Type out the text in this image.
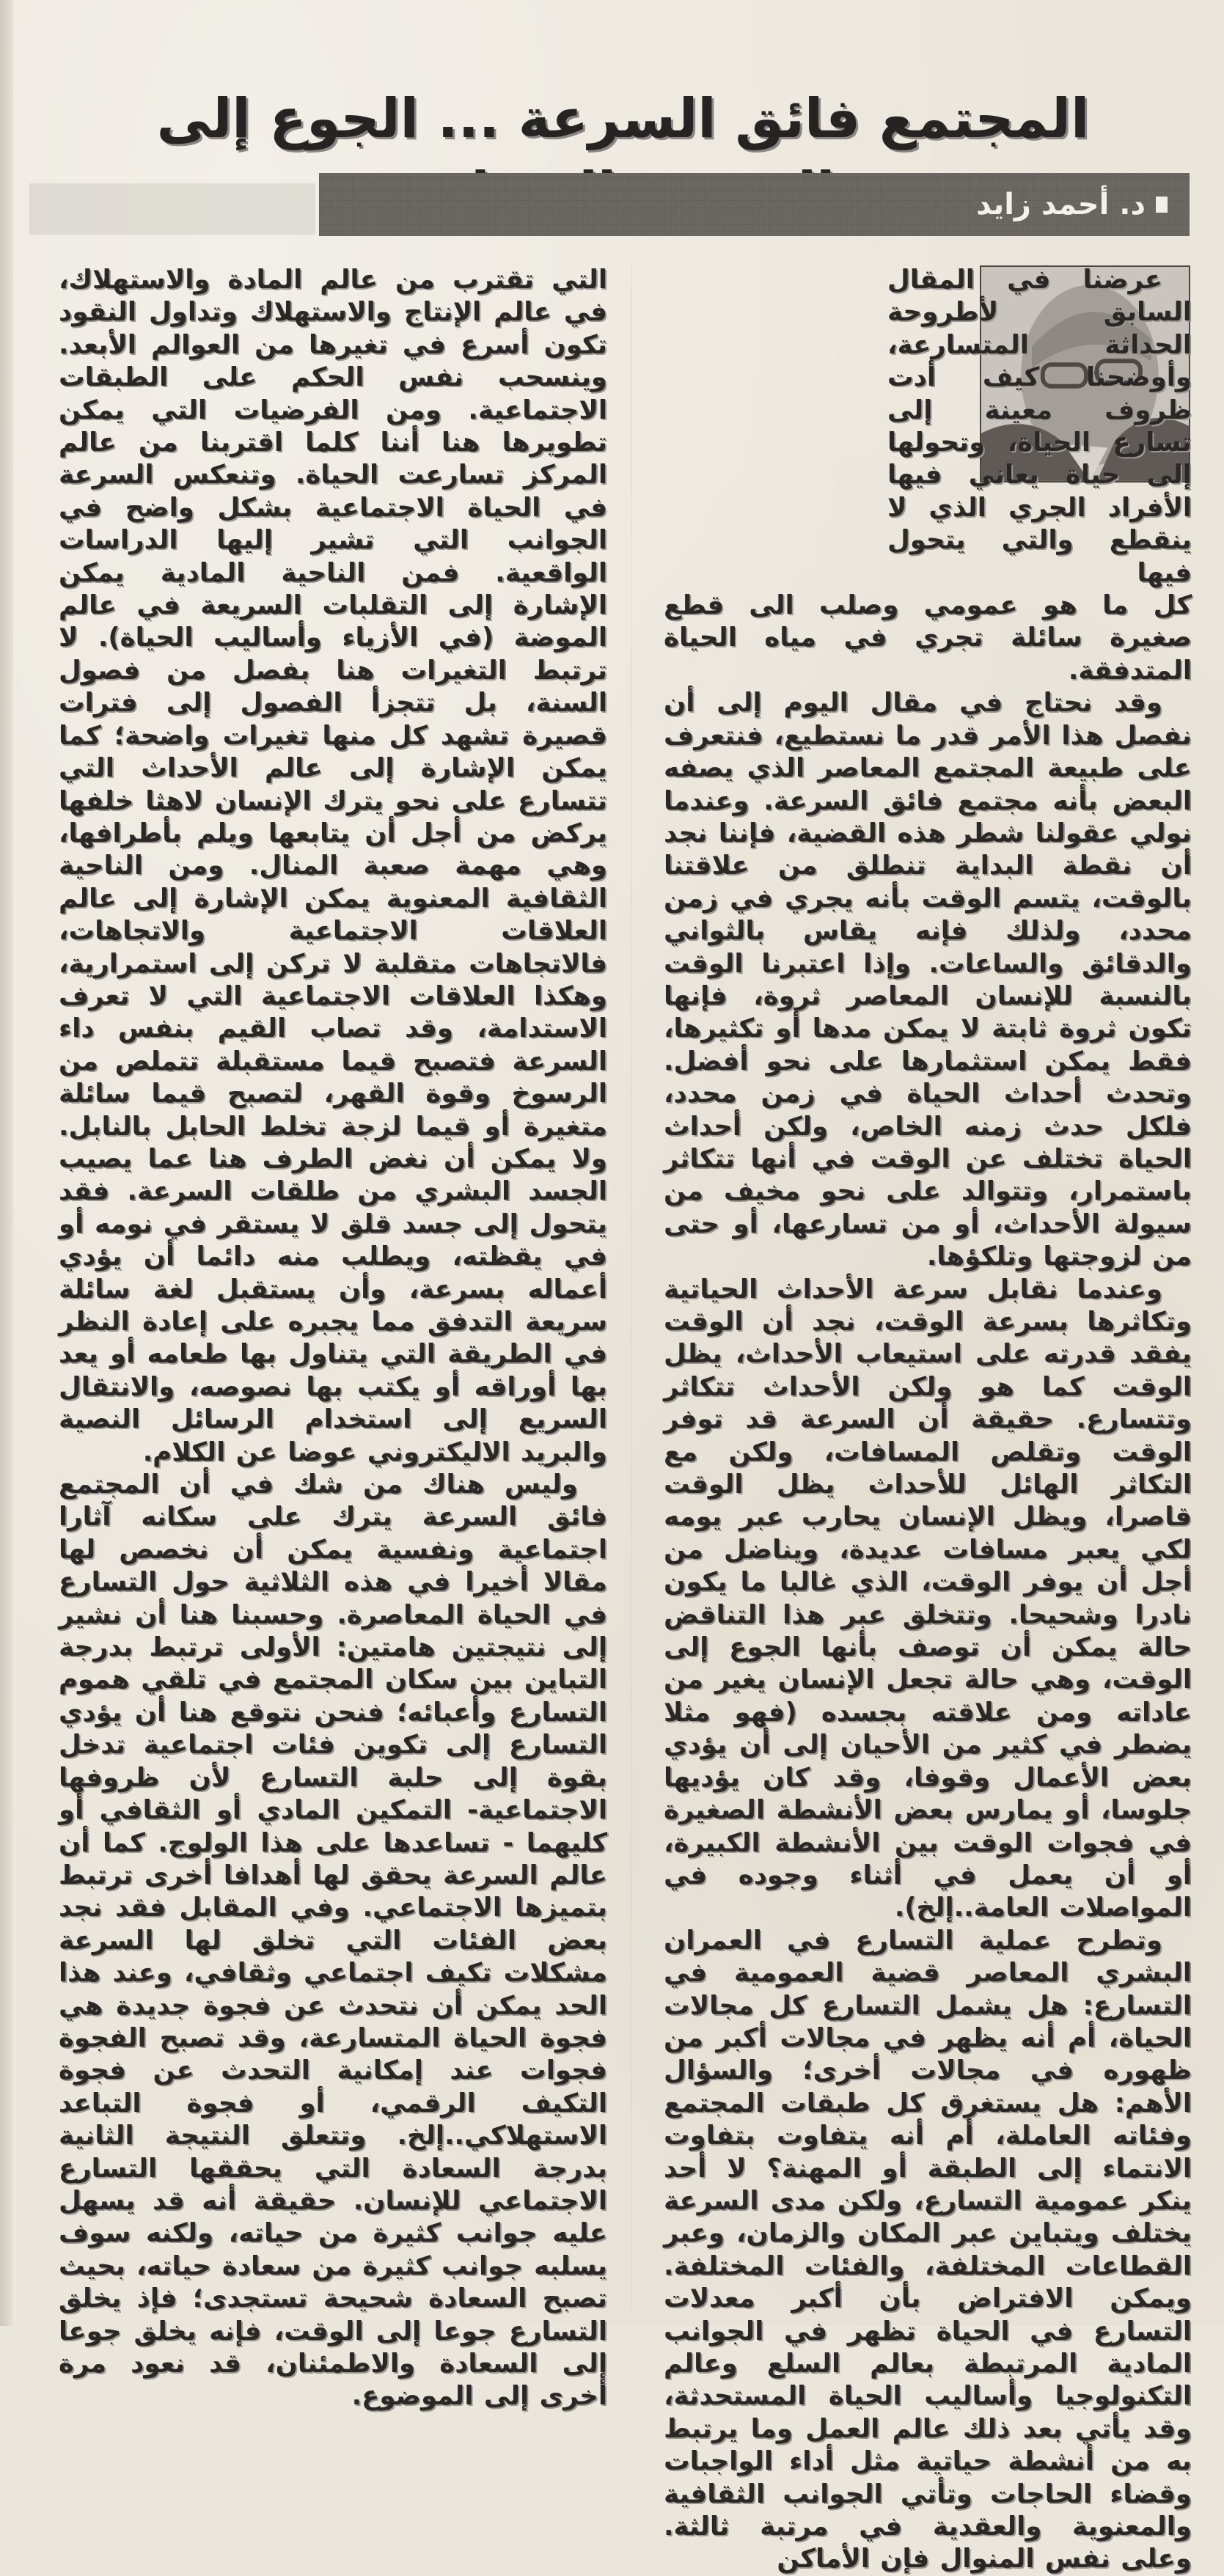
المجتمع فائق السرعة ... الجوع إلى
د. أحمد زايد

عرضنا في المقال السابق لأطروحة الحداثة المتسارعة، وأوضحنا كيف أدت ظروف معينة إلى تسارع الحياة، وتحولها إلى حياة يعاني فيها الأفراد الجري الذي لا ينقطع والتي يتحول فيها

كل ما هو عمومي وصلب الى قطع صغيرة سائلة تجري في مياه الحياة المتدفقة.

وقد نحتاج في مقال اليوم إلى أن نفصل هذا الأمر قدر ما نستطيع، فنتعرف على طبيعة المجتمع المعاصر الذي يصفه البعض بأنه مجتمع فائق السرعة. وعندما نولي عقولنا شطر هذه القضية، فإننا نجد أن نقطة البداية تنطلق من علاقتنا بالوقت، يتسم الوقت بأنه يجري في زمن محدد، ولذلك فإنه يقاس بالثواني والدقائق والساعات. وإذا اعتبرنا الوقت بالنسبة للإنسان المعاصر ثروة، فإنها تكون ثروة ثابتة لا يمكن مدها أو تكثيرها، فقط يمكن استثمارها على نحو أفضل. وتحدث أحداث الحياة في زمن محدد، فلكل حدث زمنه الخاص، ولكن أحداث الحياة تختلف عن الوقت في أنها تتكاثر باستمرار، وتتوالد على نحو مخيف من سيولة الأحداث، أو من تسارعها، أو حتى من لزوجتها وتلكؤها.

وعندما نقابل سرعة الأحداث الحياتية وتكاثرها بسرعة الوقت، نجد أن الوقت يفقد قدرته على استيعاب الأحداث، يظل الوقت كما هو ولكن الأحداث تتكاثر وتتسارع. حقيقة أن السرعة قد توفر الوقت وتقلص المسافات، ولكن مع التكاثر الهائل للأحداث يظل الوقت قاصرا، ويظل الإنسان يحارب عبر يومه لكي يعبر مسافات عديدة، ويناضل من أجل أن يوفر الوقت، الذي غالبا ما يكون نادرا وشحيحا. وتتخلق عبر هذا التناقض حالة يمكن أن توصف بأنها الجوع إلى الوقت، وهي حالة تجعل الإنسان يغير من عاداته ومن علاقته بجسده (فهو مثلا يضطر في كثير من الأحيان إلى أن يؤدي بعض الأعمال وقوفا، وقد كان يؤديها جلوسا، أو يمارس بعض الأنشطة الصغيرة في فجوات الوقت بين الأنشطة الكبيرة، أو أن يعمل في أثناء وجوده في المواصلات العامة..إلخ).

وتطرح عملية التسارع في العمران البشري المعاصر قضية العمومية في التسارع: هل يشمل التسارع كل مجالات الحياة، أم أنه يظهر في مجالات أكبر من ظهوره في مجالات أخرى؛ والسؤال الأهم: هل يستغرق كل طبقات المجتمع وفئاته العاملة، أم أنه يتفاوت بتفاوت الانتماء إلى الطبقة أو المهنة؟ لا أحد ينكر عمومية التسارع، ولكن مدى السرعة يختلف ويتباين عبر المكان والزمان، وعبر القطاعات المختلفة، والفئات المختلفة. ويمكن الافتراض بأن أكبر معدلات التسارع في الحياة تظهر في الجوانب المادية المرتبطة بعالم السلع وعالم التكنولوجيا وأساليب الحياة المستحدثة، وقد يأتي بعد ذلك عالم العمل وما يرتبط به من أنشطة حياتية مثل أداء الواجبات وقضاء الحاجات وتأتي الجوانب الثقافية والمعنوية والعقدية في مرتبة ثالثة. وعلى نفس المنوال فإن الأماكن

التي تقترب من عالم المادة والاستهلاك، في عالم الإنتاج والاستهلاك وتداول النقود تكون أسرع في تغيرها من العوالم الأبعد. وينسحب نفس الحكم على الطبقات الاجتماعية. ومن الفرضيات التي يمكن تطويرها هنا أننا كلما اقتربنا من عالم المركز تسارعت الحياة. وتنعكس السرعة في الحياة الاجتماعية بشكل واضح في الجوانب التي تشير إليها الدراسات الواقعية. فمن الناحية المادية يمكن الإشارة إلى التقلبات السريعة في عالم الموضة (في الأزياء وأساليب الحياة). لا ترتبط التغيرات هنا بفصل من فصول السنة، بل تتجزأ الفصول إلى فترات قصيرة تشهد كل منها تغيرات واضحة؛ كما يمكن الإشارة إلى عالم الأحداث التي تتسارع على نحو يترك الإنسان لاهثا خلفها يركض من أجل أن يتابعها ويلم بأطرافها، وهي مهمة صعبة المنال. ومن الناحية الثقافية المعنوية يمكن الإشارة إلى عالم العلاقات الاجتماعية والاتجاهات، فالاتجاهات متقلبة لا تركن إلى استمرارية، وهكذا العلاقات الاجتماعية التي لا تعرف الاستدامة، وقد تصاب القيم بنفس داء السرعة فتصبح قيما مستقبلة تتملص من الرسوخ وقوة القهر، لتصبح قيما سائلة متغيرة أو قيما لزجة تخلط الحابل بالنابل. ولا يمكن أن نغض الطرف هنا عما يصيب الجسد البشري من طلقات السرعة. فقد يتحول إلى جسد قلق لا يستقر في نومه أو في يقظته، ويطلب منه دائما أن يؤدي أعماله بسرعة، وأن يستقبل لغة سائلة سريعة التدفق مما يجبره على إعادة النظر في الطريقة التي يتناول بها طعامه أو يعد بها أوراقه أو يكتب بها نصوصه، والانتقال السريع إلى استخدام الرسائل النصية والبريد الاليكتروني عوضا عن الكلام.

وليس هناك من شك في أن المجتمع فائق السرعة يترك على سكانه آثارا اجتماعية ونفسية يمكن أن نخصص لها مقالا أخيرا في هذه الثلاثية حول التسارع في الحياة المعاصرة. وحسبنا هنا أن نشير إلى نتيجتين هامتين: الأولى ترتبط بدرجة التباين بين سكان المجتمع في تلقي هموم التسارع وأعبائه؛ فنحن نتوقع هنا أن يؤدي التسارع إلى تكوين فئات اجتماعية تدخل بقوة إلى حلبة التسارع لأن ظروفها الاجتماعية- التمكين المادي أو الثقافي أو كليهما - تساعدها على هذا الولوج. كما أن عالم السرعة يحقق لها أهدافا أخرى ترتبط بتميزها الاجتماعي. وفي المقابل فقد نجد بعض الفئات التي تخلق لها السرعة مشكلات تكيف اجتماعي وثقافي، وعند هذا الحد يمكن أن نتحدث عن فجوة جديدة هي فجوة الحياة المتسارعة، وقد تصبح الفجوة فجوات عند إمكانية التحدث عن فجوة التكيف الرقمي، أو فجوة التباعد الاستهلاكي..إلخ. وتتعلق النتيجة الثانية بدرجة السعادة التي يحققها التسارع الاجتماعي للإنسان. حقيقة أنه قد يسهل عليه جوانب كثيرة من حياته، ولكنه سوف يسلبه جوانب كثيرة من سعادة حياته، بحيث تصبح السعادة شحيحة تستجدى؛ فإذ يخلق التسارع جوعا إلى الوقت، فإنه يخلق جوعا إلى السعادة والاطمئنان، قد نعود مرة أخرى إلى الموضوع.
